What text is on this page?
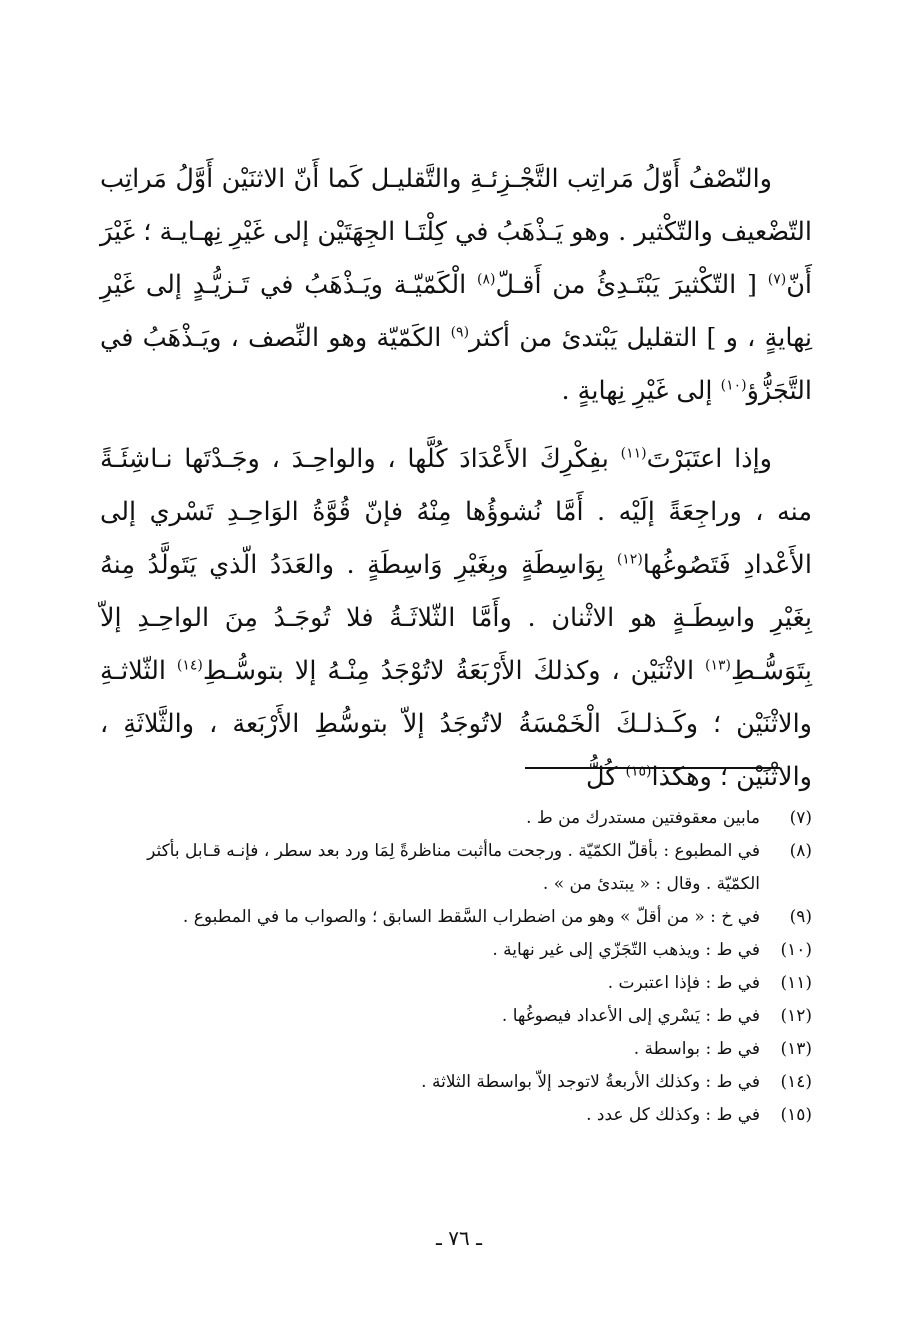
والنّصْفُ أَوّلُ مَراتِب التَّجْـزِئـةِ والتَّقليـل كَما أَنّ الاثنَيْن أَوَّلُ مَراتِب التّضْعيف والتّكْثير . وهو يَـذْهَبُ في كِلْتَـا الجِهَتَيْن إلى غَيْرِ نِهـايـة ؛ غَيْرَ أَنّ$^{(٧)}$ [ التّكْثيرَ يَبْتَـدِئُ من أَقـلّ$^{(٨)}$ الْكَمّيّـة ويَـذْهَبُ في تَـزيُّـدٍ إلى غَيْرِ نِهايةٍ ، و ] التقليل يَبْتدئ من أكثر$^{(٩)}$ الكَمّيّة وهو النِّصف ، ويَـذْهَبُ في التَّجَزُّؤ$^{(١٠)}$ إلى غَيْرِ نِهايةٍ .

وإذا اعتَبَرْتَ$^{(١١)}$ بفِكْرِكَ الأَعْدَادَ كُلَّها ، والواحِـدَ ، وجَـدْتَها نـاشِئَـةً منه ، وراجِعَةً إلَيْه . أَمَّا نُشوؤُها مِنْهُ فإنّ قُوَّةُ الوَاحِـدِ تَسْري إلى الأَعْدادِ فَتَصُوغُها$^{(١٢)}$ بِوَاسِطَةٍ وبِغَيْرِ وَاسِطَةٍ . والعَدَدُ الّذي يَتَولَّدُ مِنهُ بِغَيْرِ واسِطَـةٍ هو الاثْنان . وأَمَّا الثّلاثَـةُ فلا تُوجَـدُ مِنَ الواحِـدِ إلاّ بِتَوَسُّـطِ$^{(١٣)}$ الاثْنَيْن ، وكذلكَ الأَرْبَعَةُ لاتُوْجَدُ مِنْـهُ إلا بتوسُّـطِ$^{(١٤)}$ الثّلاثـةِ والاثْنَيْن ؛ وكَـذلـكَ الْخَمْسَةُ لاتُوجَدُ إلاّ بتوسُّطِ الأَرْبَعة ، والثَّلاثَةِ ، والاثْنَيْن ؛ وهكذا$^{(١٥)}$ كُلُّ

(٧)
مابين معقوفتين مستدرك من ط .
(٨)
في المطبوع : بأقلّ الكمّيّة . ورجحت ماأثبت مناظرةً لِمَا ورد بعد سطر ، فإنـه قـابل بأكثر الكمّيّة . وقال : « يبتدئ من » .
(٩)
في خ : « من أقلّ » وهو من اضطراب السَّقط السابق ؛ والصواب ما في المطبوع .
(١٠)
في ط : ويذهب التّجَزّي إلى غير نهاية .
(١١)
في ط : فإذا اعتبرت .
(١٢)
في ط : يَسْري إلى الأعداد فيصوغُها .
(١٣)
في ط : بواسطة .
(١٤)
في ط : وكذلك الأربعةُ لاتوجد إلاّ بواسطة الثلاثة .
(١٥)
في ط : وكذلك كل عدد .
ـ ٧٦ ـ
